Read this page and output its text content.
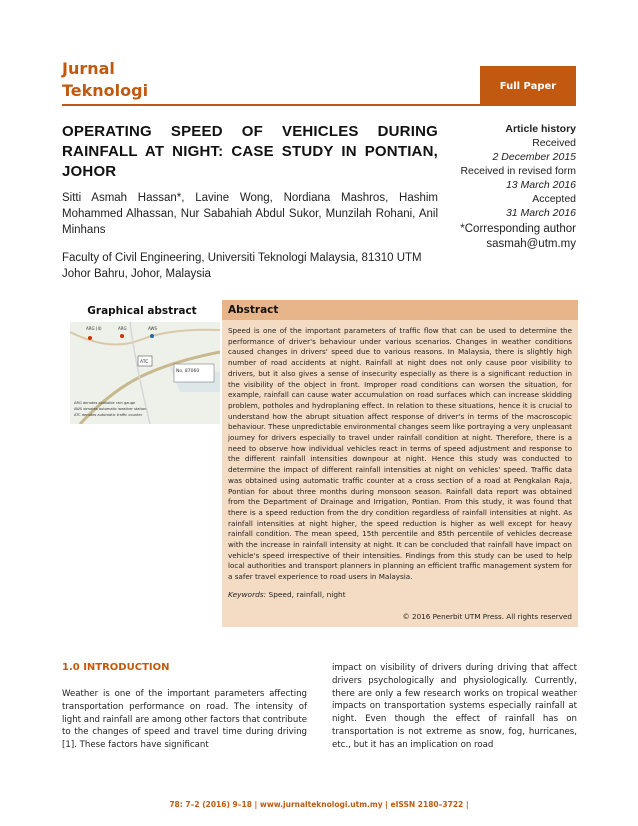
Jurnal
Teknologi	Full Paper
OPERATING SPEED OF VEHICLES DURING RAINFALL AT NIGHT: CASE STUDY IN PONTIAN, JOHOR
Sitti Asmah Hassan*, Lavine Wong, Nordiana Mashros, Hashim Mohammed Alhassan, Nur Sabahiah Abdul Sukor, Munzilah Rohani, Anil Minhans
Faculty of Civil Engineering, Universiti Teknologi Malaysia, 81310 UTM Johor Bahru, Johor, Malaysia
Article history
Received
2 December 2015
Received in revised form
13 March 2016
Accepted
31 March 2016
*Corresponding author
sasmah@utm.my
Graphical abstract
No. 87060
ARG (4)	ARG	AWS
ATC
ARG denotes available rain gauge
AWS denotes automatic weather station
ATC denotes automatic traffic counter
Abstract
Speed is one of the important parameters of traffic flow that can be used to determine the performance of driver's behaviour under various scenarios. Changes in weather conditions caused changes in drivers' speed due to various reasons. In Malaysia, there is slightly high number of road accidents at night. Rainfall at night does not only cause poor visibility to drivers, but it also gives a sense of insecurity especially as there is a significant reduction in the visibility of the object in front. Improper road conditions can worsen the situation, for example, rainfall can cause water accumulation on road surfaces which can increase skidding problem, potholes and hydroplaning effect. In relation to these situations, hence it is crucial to understand how the abrupt situation affect response of driver's in terms of the macroscopic behaviour. These unpredictable environmental changes seem like portraying a very unpleasant journey for drivers especially to travel under rainfall condition at night. Therefore, there is a need to observe how individual vehicles react in terms of speed adjustment and response to the different rainfall intensities downpour at night. Hence this study was conducted to determine the impact of different rainfall intensities at night on vehicles' speed. Traffic data was obtained using automatic traffic counter at a cross section of a road at Pengkalan Raja, Pontian for about three months during monsoon season. Rainfall data report was obtained from the Department of Drainage and Irrigation, Pontian. From this study, it was found that there is a speed reduction from the dry condition regardless of rainfall intensities at night. As rainfall intensities at night higher, the speed reduction is higher as well except for heavy rainfall condition. The mean speed, 15th percentile and 85th percentile of vehicles decrease with the increase in rainfall intensity at night. It can be concluded that rainfall have impact on vehicle's speed irrespective of their intensities. Findings from this study can be used to help local authorities and transport planners in planning an efficient traffic management system for a safer travel experience to road users in Malaysia.
Keywords: Speed, rainfall, night
© 2016 Penerbit UTM Press. All rights reserved
1.0 INTRODUCTION
Weather is one of the important parameters affecting transportation performance on road. The intensity of light and rainfall are among other factors that contribute to the changes of speed and travel time during driving [1]. These factors have significant
impact on visibility of drivers during driving that affect drivers psychologically and physiologically. Currently, there are only a few research works on tropical weather impacts on transportation systems especially rainfall at night. Even though the effect of rainfall has on transportation is not extreme as snow, fog, hurricanes, etc., but it has an implication on road
78: 7–2 (2016) 9–18 | www.jurnalteknologi.utm.my | eISSN 2180–3722 |
